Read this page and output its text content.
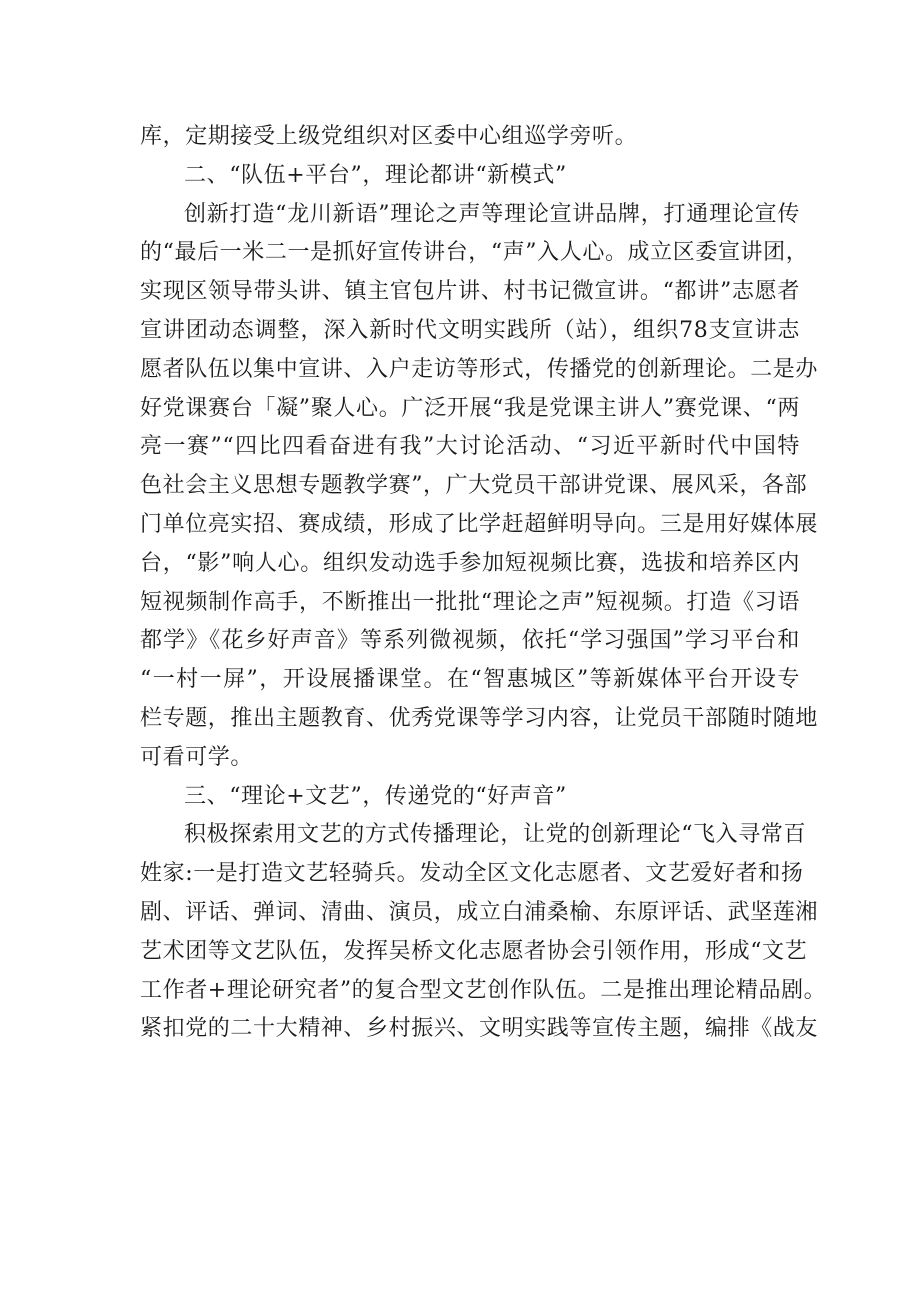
库，定期接受上级党组织对区委中心组巡学旁听。
二、“队伍+平台”，理论都讲“新模式”
创新打造“龙川新语”理论之声等理论宣讲品牌，打通理论宣传
的“最后一米二一是抓好宣传讲台，“声”入人心。成立区委宣讲团，
实现区领导带头讲、镇主官包片讲、村书记微宣讲。“都讲”志愿者
宣讲团动态调整，深入新时代文明实践所（站），组织78支宣讲志
愿者队伍以集中宣讲、入户走访等形式，传播党的创新理论。二是办
好党课赛台「凝”聚人心。广泛开展“我是党课主讲人”赛党课、“两
亮一赛”“四比四看奋进有我”大讨论活动、“习近平新时代中国特
色社会主义思想专题教学赛”，广大党员干部讲党课、展风采，各部
门单位亮实招、赛成绩，形成了比学赶超鲜明导向。三是用好媒体展
台，“影”响人心。组织发动选手参加短视频比赛，选拔和培养区内
短视频制作高手，不断推出一批批“理论之声”短视频。打造《习语
都学》《花乡好声音》等系列微视频，依托“学习强国”学习平台和
“一村一屏”，开设展播课堂。在“智惠城区”等新媒体平台开设专
栏专题，推出主题教育、优秀党课等学习内容，让党员干部随时随地
可看可学。
三、“理论+文艺”，传递党的“好声音”
积极探索用文艺的方式传播理论，让党的创新理论“飞入寻常百
姓家:一是打造文艺轻骑兵。发动全区文化志愿者、文艺爱好者和扬
剧、评话、弹词、清曲、演员，成立白浦桑榆、东原评话、武坚莲湘
艺术团等文艺队伍，发挥吴桥文化志愿者协会引领作用，形成“文艺
工作者+理论研究者”的复合型文艺创作队伍。二是推出理论精品剧。
紧扣党的二十大精神、乡村振兴、文明实践等宣传主题，编排《战友
